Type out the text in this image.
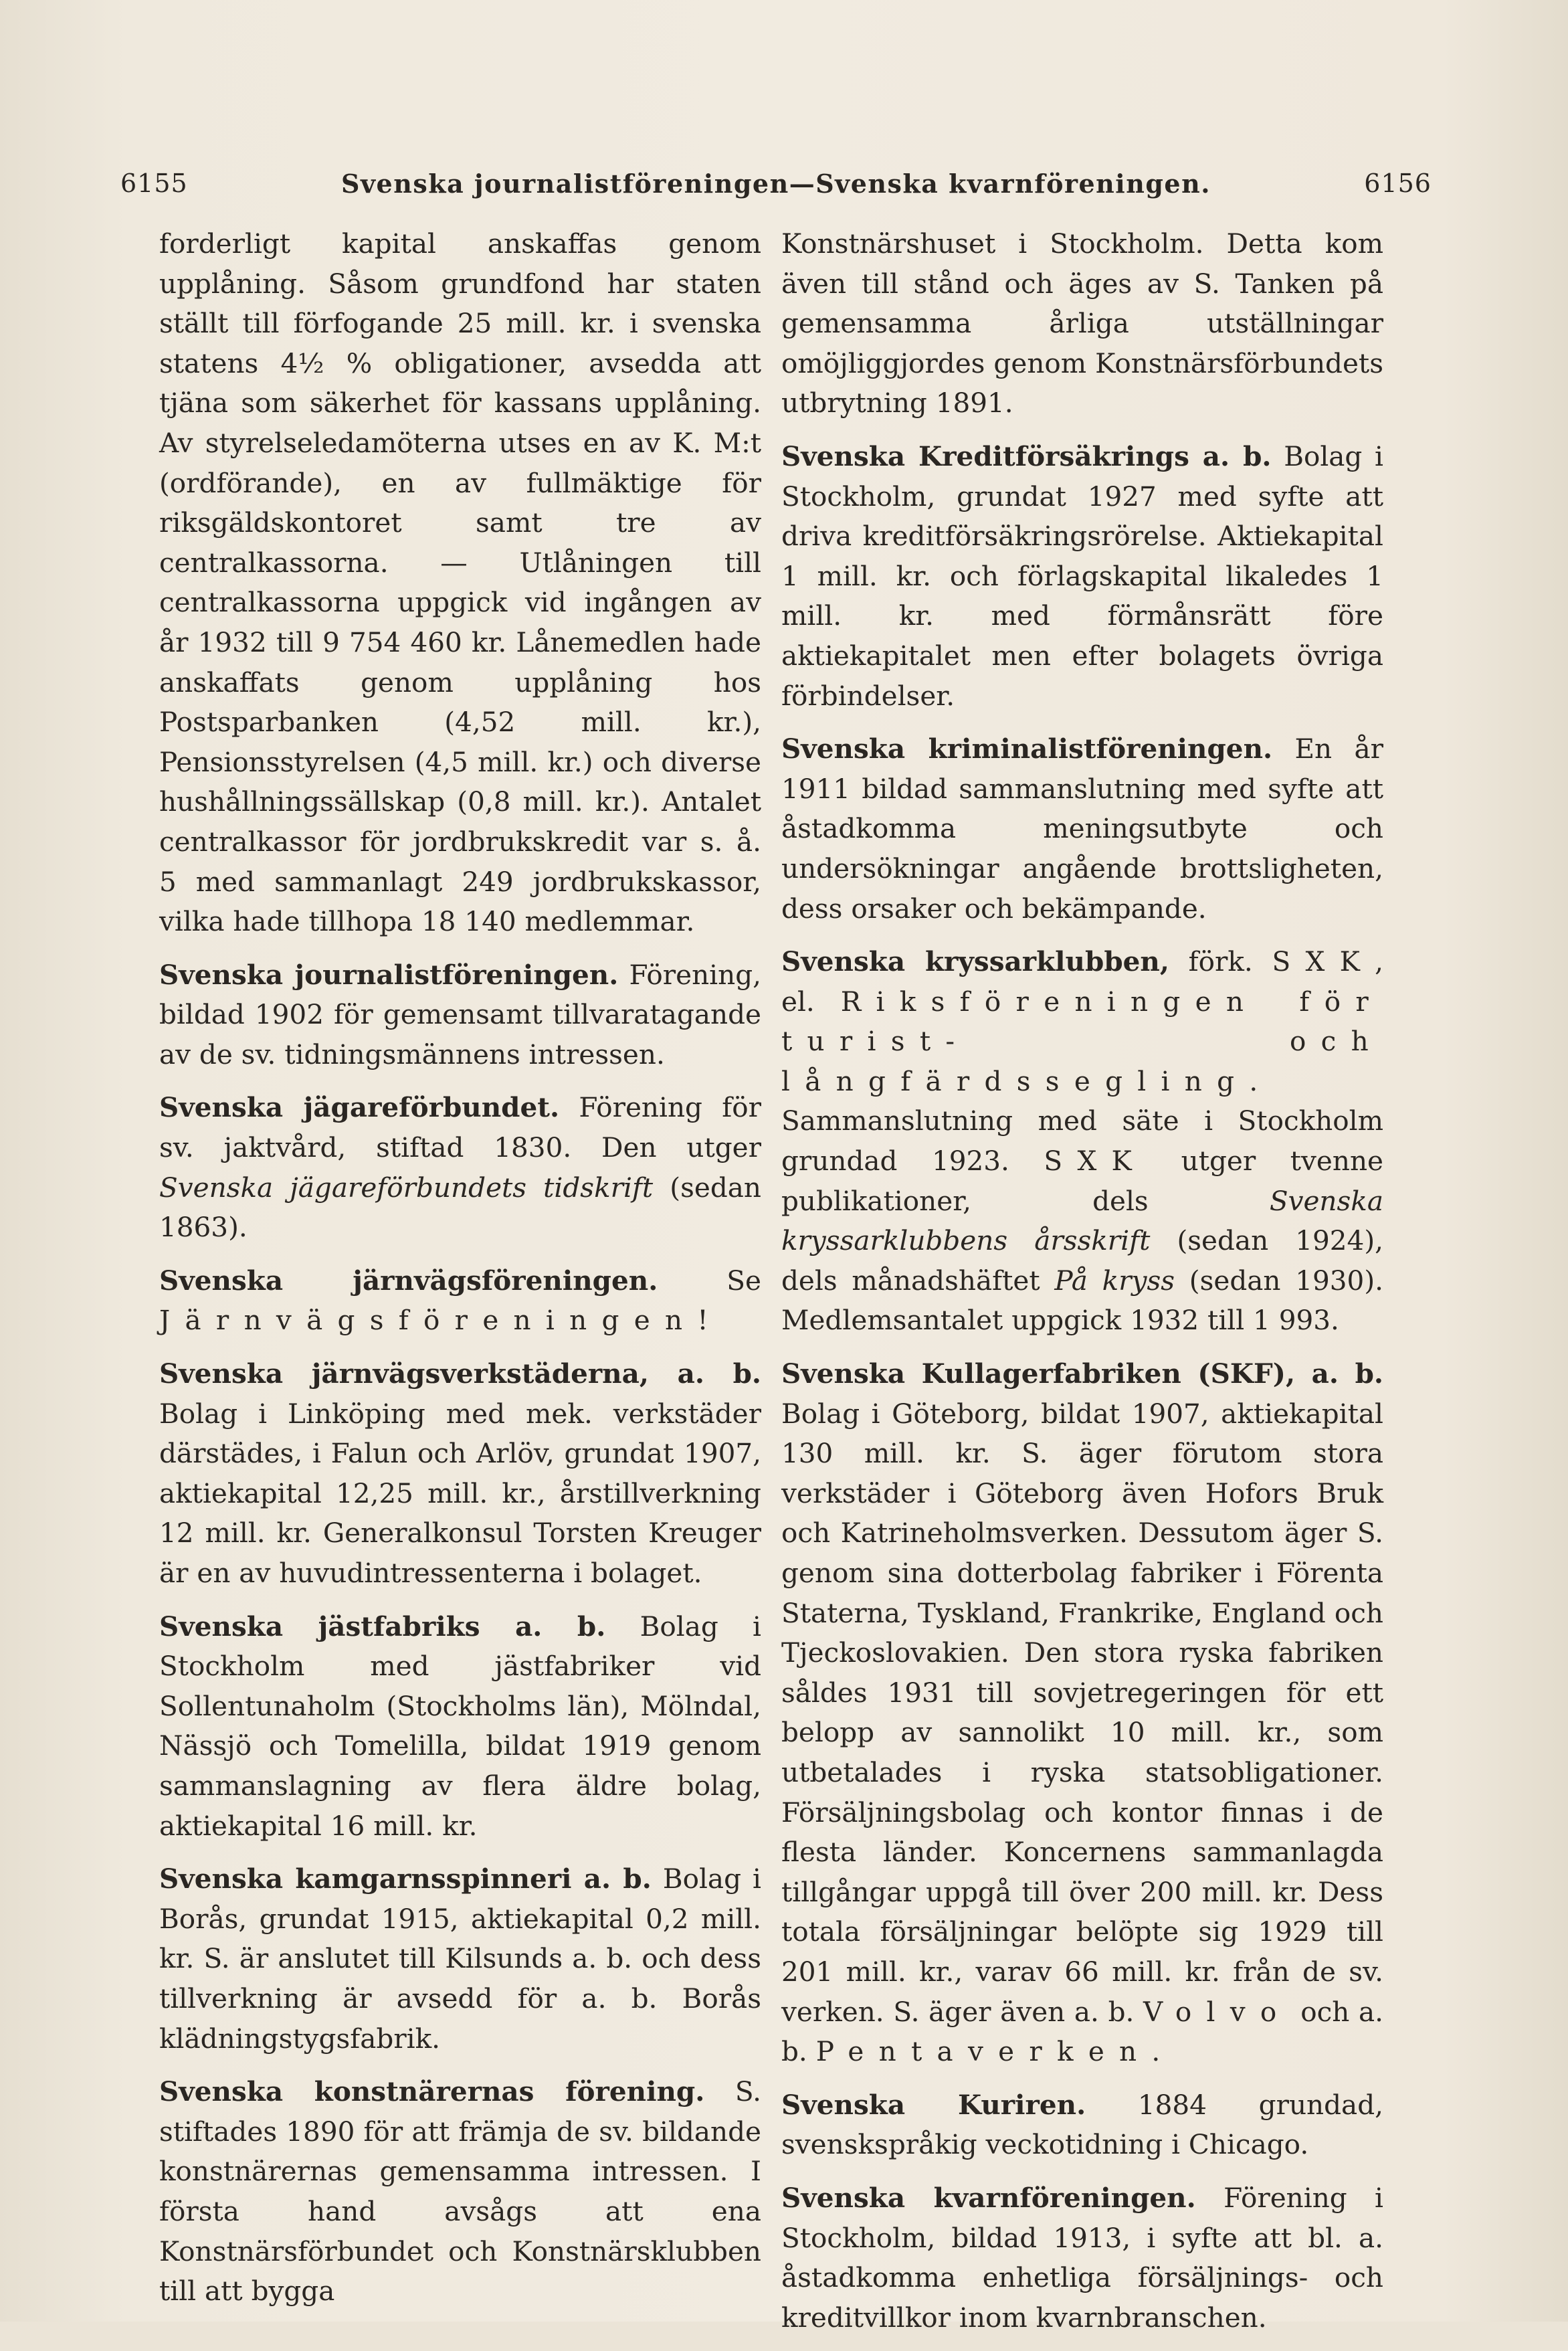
6155	Svenska journalistföreningen—Svenska kvarnföreningen.	6156

forderligt kapital anskaffas genom upplåning. Såsom grundfond har staten ställt till förfogande 25 mill. kr. i svenska statens 4½ % obligationer, avsedda att tjäna som säkerhet för kassans upplåning. Av styrelseledamöterna utses en av K. M:t (ordförande), en av fullmäktige för riksgäldskontoret samt tre av centralkassorna. — Utlåningen till centralkassorna uppgick vid ingången av år 1932 till 9 754 460 kr. Lånemedlen hade anskaffats genom upplåning hos Postsparbanken (4,52 mill. kr.), Pensionsstyrelsen (4,5 mill. kr.) och diverse hushållningssällskap (0,8 mill. kr.). Antalet centralkassor för jordbrukskredit var s. å. 5 med sammanlagt 249 jordbrukskassor, vilka hade tillhopa 18 140 medlemmar.

Svenska journalistföreningen. Förening, bildad 1902 för gemensamt tillvaratagande av de sv. tidningsmännens intressen.

Svenska jägareförbundet. Förening för sv. jaktvård, stiftad 1830. Den utger Svenska jägareförbundets tidskrift (sedan 1863).

Svenska järnvägsföreningen. Se Järnvägsföreningen!

Svenska järnvägsverkstäderna, a. b. Bolag i Linköping med mek. verkstäder därstädes, i Falun och Arlöv, grundat 1907, aktiekapital 12,25 mill. kr., årstillverkning 12 mill. kr. Generalkonsul Torsten Kreuger är en av huvudintressenterna i bolaget.

Svenska jästfabriks a. b. Bolag i Stockholm med jästfabriker vid Sollentunaholm (Stockholms län), Mölndal, Nässjö och Tomelilla, bildat 1919 genom sammanslagning av flera äldre bolag, aktiekapital 16 mill. kr.

Svenska kamgarnsspinneri a. b. Bolag i Borås, grundat 1915, aktiekapital 0,2 mill. kr. S. är anslutet till Kilsunds a. b. och dess tillverkning är avsedd för a. b. Borås klädningstygsfabrik.

Svenska konstnärernas förening. S. stiftades 1890 för att främja de sv. bildande konstnärernas gemensamma intressen. I första hand avsågs att ena Konstnärsförbundet och Konstnärsklubben till att bygga

Konstnärshuset i Stockholm. Detta kom även till stånd och äges av S. Tanken på gemensamma årliga utställningar omöjliggjordes genom Konstnärsförbundets utbrytning 1891.

Svenska Kreditförsäkrings a. b. Bolag i Stockholm, grundat 1927 med syfte att driva kreditförsäkringsrörelse. Aktiekapital 1 mill. kr. och förlagskapital likaledes 1 mill. kr. med förmånsrätt före aktiekapitalet men efter bolagets övriga förbindelser.

Svenska kriminalistföreningen. En år 1911 bildad sammanslutning med syfte att åstadkomma meningsutbyte och undersökningar angående brottsligheten, dess orsaker och bekämpande.

Svenska kryssarklubben, förk. SXK, el. Riksföreningen för turist- och långfärdssegling. Sammanslutning med säte i Stockholm grundad 1923. SXK utger tvenne publikationer, dels Svenska kryssarklubbens årsskrift (sedan 1924), dels månadshäftet På kryss (sedan 1930). Medlemsantalet uppgick 1932 till 1 993.

Svenska Kullagerfabriken (SKF), a. b. Bolag i Göteborg, bildat 1907, aktiekapital 130 mill. kr. S. äger förutom stora verkstäder i Göteborg även Hofors Bruk och Katrineholmsverken. Dessutom äger S. genom sina dotterbolag fabriker i Förenta Staterna, Tyskland, Frankrike, England och Tjeckoslovakien. Den stora ryska fabriken såldes 1931 till sovjetregeringen för ett belopp av sannolikt 10 mill. kr., som utbetalades i ryska statsobligationer. Försäljningsbolag och kontor finnas i de flesta länder. Koncernens sammanlagda tillgångar uppgå till över 200 mill. kr. Dess totala försäljningar belöpte sig 1929 till 201 mill. kr., varav 66 mill. kr. från de sv. verken. S. äger även a. b. Volvo och a. b. Pentaverken.

Svenska Kuriren. 1884 grundad, svenskspråkig veckotidning i Chicago.

Svenska kvarnföreningen. Förening i Stockholm, bildad 1913, i syfte att bl. a. åstadkomma enhetliga försäljnings- och kreditvillkor inom kvarnbranschen.
